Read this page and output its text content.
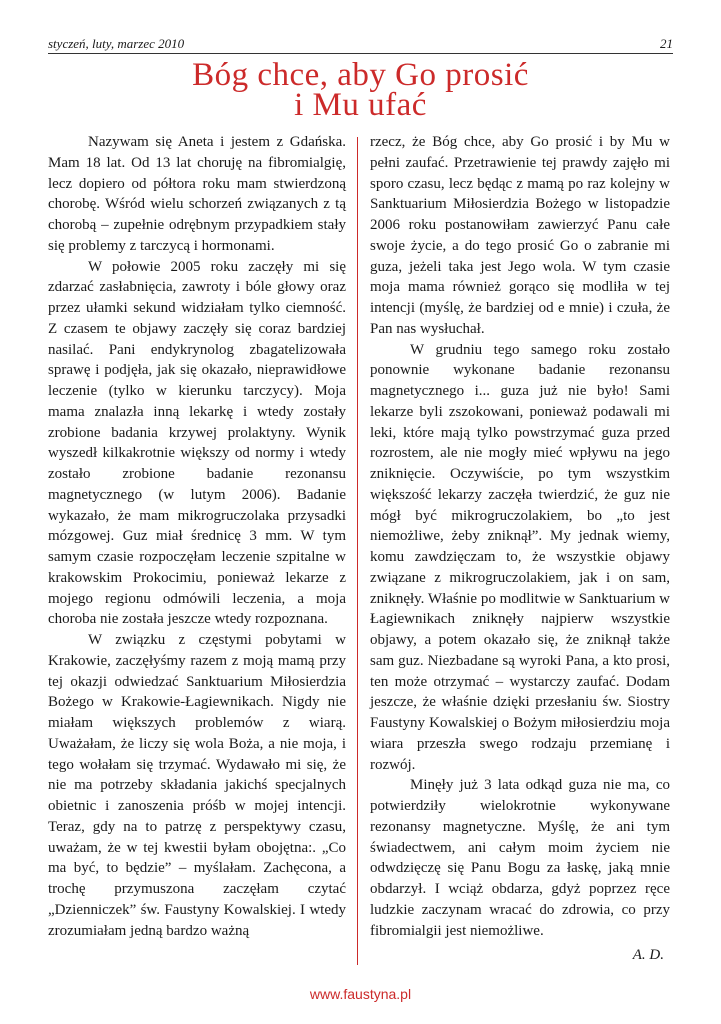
styczeń, luty, marzec 2010	21
Bóg chce, aby Go prosić
i Mu ufać

Nazywam się Aneta i jestem z Gdańska. Mam 18 lat. Od 13 lat choruję na fibromialgię, lecz dopiero od półtora roku mam stwierdzoną chorobę. Wśród wielu schorzeń związanych z tą chorobą – zupełnie odrębnym przypadkiem stały się problemy z tarczycą i hormonami.

W połowie 2005 roku zaczęły mi się zdarzać zasłabnięcia, zawroty i bóle głowy oraz przez ułamki sekund widziałam tylko ciemność. Z czasem te objawy zaczęły się coraz bardziej nasilać. Pani endykrynolog zbagatelizowała sprawę i podjęła, jak się okazało, nieprawidłowe leczenie (tylko w kierunku tarczycy). Moja mama znalazła inną lekarkę i wtedy zostały zrobione badania krzywej prolaktyny. Wynik wyszedł kilkakrotnie większy od normy i wtedy zostało zrobione badanie rezonansu magnetycznego (w lutym 2006). Badanie wykazało, że mam mikrogruczolaka przysadki mózgowej. Guz miał średnicę 3 mm. W tym samym czasie rozpoczęłam leczenie szpitalne w krakowskim Prokocimiu, ponieważ lekarze z mojego regionu odmówili leczenia, a moja choroba nie została jeszcze wtedy rozpoznana.

W związku z częstymi pobytami w Krakowie, zaczęłyśmy razem z moją mamą przy tej okazji odwiedzać Sanktuarium Miłosierdzia Bożego w Krakowie-Łagiewnikach. Nigdy nie miałam większych problemów z wiarą. Uważałam, że liczy się wola Boża, a nie moja, i tego wołałam się trzymać. Wydawało mi się, że nie ma potrzeby składania jakichś specjalnych obietnic i zanoszenia próśb w mojej intencji. Teraz, gdy na to patrzę z perspektywy czasu, uważam, że w tej kwestii byłam obojętna:. „Co ma być, to będzie” – myślałam. Zachęcona, a trochę przymuszona zaczęłam czytać „Dzienniczek” św. Faustyny Kowalskiej. I wtedy zrozumiałam jedną bardzo ważną

rzecz, że Bóg chce, aby Go prosić i by Mu w pełni zaufać. Przetrawienie tej prawdy zajęło mi sporo czasu, lecz będąc z mamą po raz kolejny w Sanktuarium Miłosierdzia Bożego w listopadzie 2006 roku postanowiłam zawierzyć Panu całe swoje życie, a do tego prosić Go o zabranie mi guza, jeżeli taka jest Jego wola. W tym czasie moja mama również gorąco się modliła w tej intencji (myślę, że bardziej od e mnie) i czuła, że Pan nas wysłuchał.

W grudniu tego samego roku zostało ponownie wykonane badanie rezonansu magnetycznego i... guza już nie było! Sami lekarze byli zszokowani, ponieważ podawali mi leki, które mają tylko powstrzymać guza przed rozrostem, ale nie mogły mieć wpływu na jego zniknięcie. Oczywiście, po tym wszystkim większość lekarzy zaczęła twierdzić, że guz nie mógł być mikrogruczolakiem, bo „to jest niemożliwe, żeby zniknął”. My jednak wiemy, komu zawdzięczam to, że wszystkie objawy związane z mikrogruczolakiem, jak i on sam, zniknęły. Właśnie po modlitwie w Sanktuarium w Łagiewnikach zniknęły najpierw wszystkie objawy, a potem okazało się, że zniknął także sam guz. Niezbadane są wyroki Pana, a kto prosi, ten może otrzymać – wystarczy zaufać. Dodam jeszcze, że właśnie dzięki przesłaniu św. Siostry Faustyny Kowalskiej o Bożym miłosierdziu moja wiara przeszła swego rodzaju przemianę i rozwój.

Minęły już 3 lata odkąd guza nie ma, co potwierdziły wielokrotnie wykonywane rezonansy magnetyczne. Myślę, że ani tym świadectwem, ani całym moim życiem nie odwdzięczę się Panu Bogu za łaskę, jaką mnie obdarzył. I wciąż obdarza, gdyż poprzez ręce ludzkie zaczynam wracać do zdrowia, co przy fibromialgii jest niemożliwe.

A. D.
www.faustyna.pl
